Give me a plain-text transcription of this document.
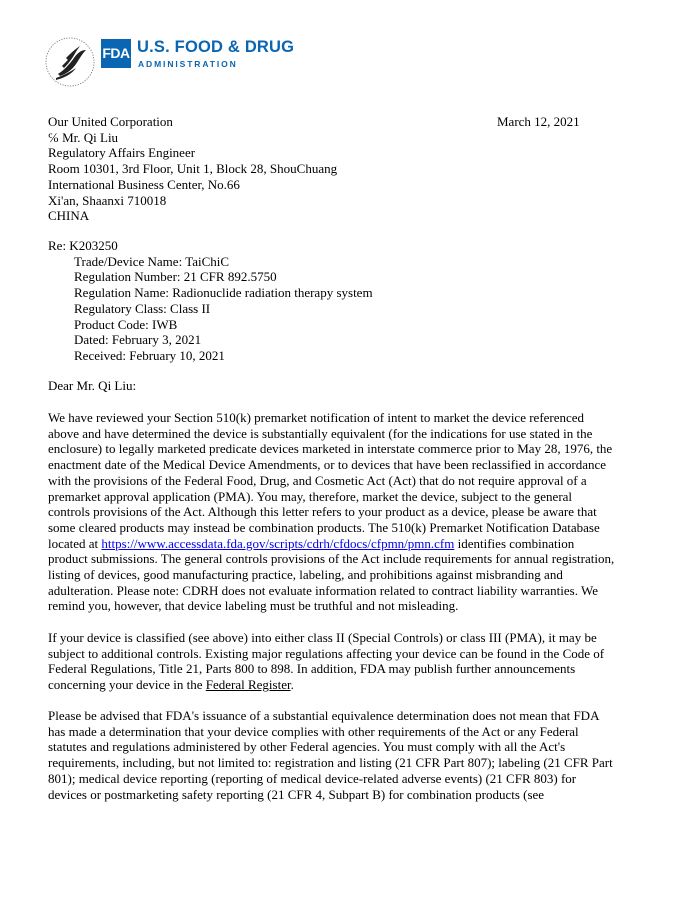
FDA U.S. FOOD & DRUG
ADMINISTRATION
Our United Corporation
℅ Mr. Qi Liu
Regulatory Affairs Engineer
Room 10301, 3rd Floor, Unit 1, Block 28, ShouChuang
International Business Center, No.66
Xi'an, Shaanxi 710018
CHINA
March 12, 2021
Re: K203250
Trade/Device Name: TaiChiC
Regulation Number: 21 CFR 892.5750
Regulation Name: Radionuclide radiation therapy system
Regulatory Class: Class II
Product Code: IWB
Dated: February 3, 2021
Received: February 10, 2021
Dear Mr. Qi Liu:
We have reviewed your Section 510(k) premarket notification of intent to market the device referenced
above and have determined the device is substantially equivalent (for the indications for use stated in the
enclosure) to legally marketed predicate devices marketed in interstate commerce prior to May 28, 1976, the
enactment date of the Medical Device Amendments, or to devices that have been reclassified in accordance
with the provisions of the Federal Food, Drug, and Cosmetic Act (Act) that do not require approval of a
premarket approval application (PMA). You may, therefore, market the device, subject to the general
controls provisions of the Act. Although this letter refers to your product as a device, please be aware that
some cleared products may instead be combination products. The 510(k) Premarket Notification Database
located at https://www.accessdata.fda.gov/scripts/cdrh/cfdocs/cfpmn/pmn.cfm identifies combination
product submissions. The general controls provisions of the Act include requirements for annual registration,
listing of devices, good manufacturing practice, labeling, and prohibitions against misbranding and
adulteration. Please note: CDRH does not evaluate information related to contract liability warranties. We
remind you, however, that device labeling must be truthful and not misleading.
If your device is classified (see above) into either class II (Special Controls) or class III (PMA), it may be
subject to additional controls. Existing major regulations affecting your device can be found in the Code of
Federal Regulations, Title 21, Parts 800 to 898. In addition, FDA may publish further announcements
concerning your device in the Federal Register.
Please be advised that FDA's issuance of a substantial equivalence determination does not mean that FDA
has made a determination that your device complies with other requirements of the Act or any Federal
statutes and regulations administered by other Federal agencies. You must comply with all the Act's
requirements, including, but not limited to: registration and listing (21 CFR Part 807); labeling (21 CFR Part
801); medical device reporting (reporting of medical device-related adverse events) (21 CFR 803) for
devices or postmarketing safety reporting (21 CFR 4, Subpart B) for combination products (see
